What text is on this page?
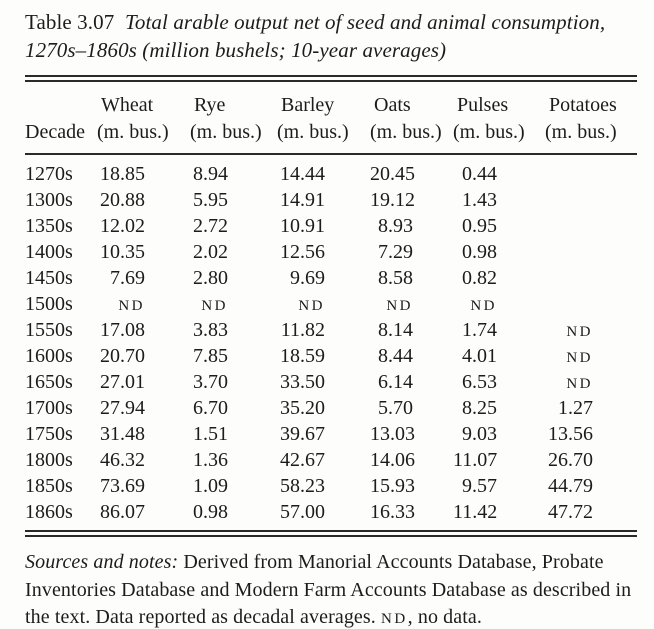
Table 3.07 Total arable output net of seed and animal consumption, 1270s–1860s (million bushels; 10-year averages)

	Wheat	Rye	Barley	Oats	Pulses	Potatoes
Decade	(m. bus.)	(m. bus.)	(m. bus.)	(m. bus.)	(m. bus.)	(m. bus.)
1270s	18.85	8.94	14.44	20.45	0.44	
1300s	20.88	5.95	14.91	19.12	1.43	
1350s	12.02	2.72	10.91	8.93	0.95	
1400s	10.35	2.02	12.56	7.29	0.98	
1450s	7.69	2.80	9.69	8.58	0.82	
1500s	ND	ND	ND	ND	ND	
1550s	17.08	3.83	11.82	8.14	1.74	ND
1600s	20.70	7.85	18.59	8.44	4.01	ND
1650s	27.01	3.70	33.50	6.14	6.53	ND
1700s	27.94	6.70	35.20	5.70	8.25	1.27
1750s	31.48	1.51	39.67	13.03	9.03	13.56
1800s	46.32	1.36	42.67	14.06	11.07	26.70
1850s	73.69	1.09	58.23	15.93	9.57	44.79
1860s	86.07	0.98	57.00	16.33	11.42	47.72

Sources and notes: Derived from Manorial Accounts Database, Probate Inventories Database and Modern Farm Accounts Database as described in the text. Data reported as decadal averages. ND, no data.
